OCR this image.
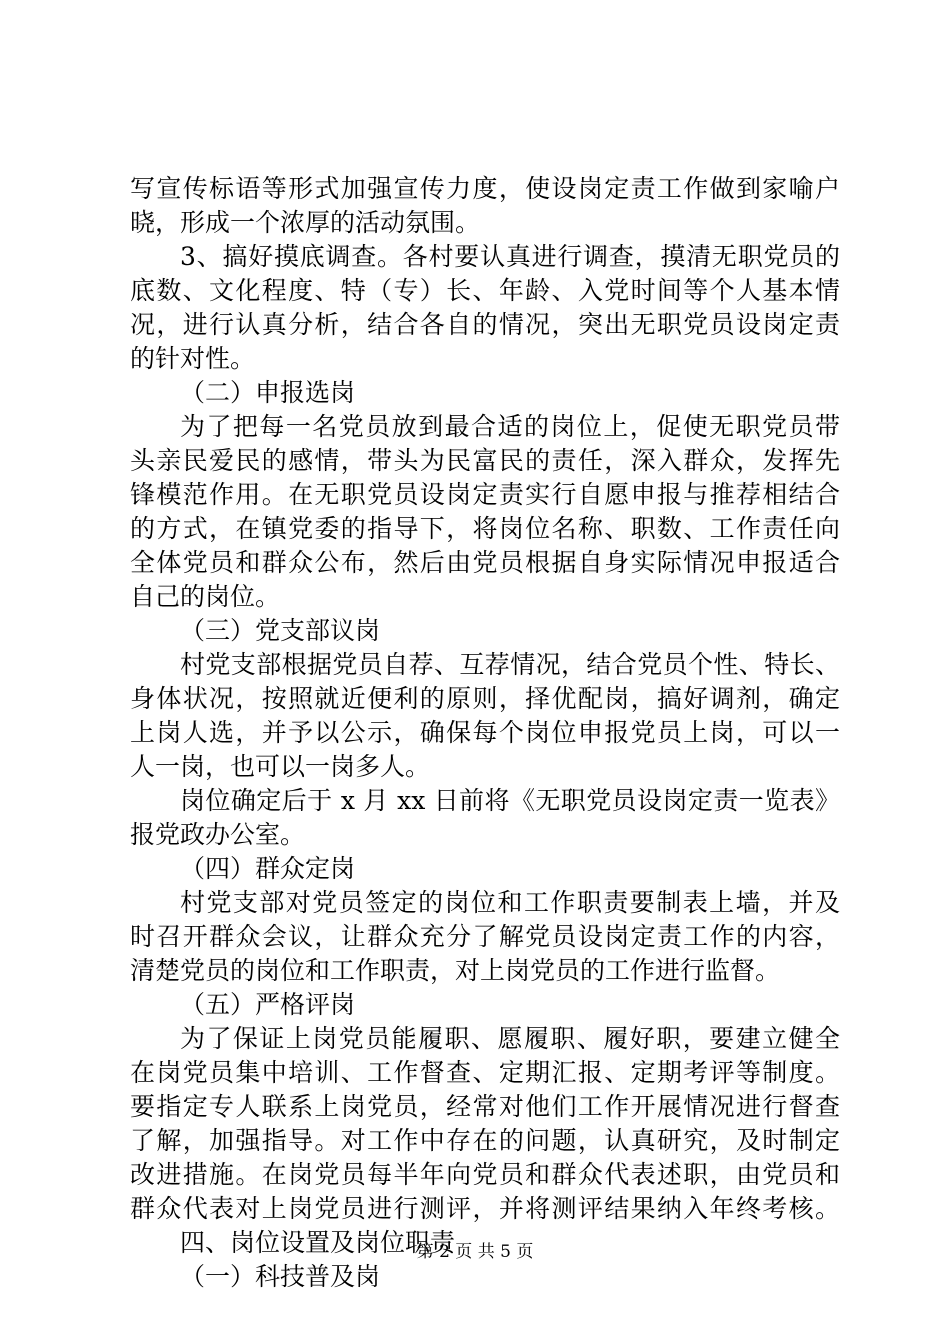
写宣传标语等形式加强宣传力度，使设岗定责工作做到家喻户
晓，形成一个浓厚的活动氛围。
3、搞好摸底调查。各村要认真进行调查，摸清无职党员的
底数、文化程度、特（专）长、年龄、入党时间等个人基本情
况，进行认真分析，结合各自的情况，突出无职党员设岗定责
的针对性。
（二）申报选岗
为了把每一名党员放到最合适的岗位上，促使无职党员带
头亲民爱民的感情，带头为民富民的责任，深入群众，发挥先
锋模范作用。在无职党员设岗定责实行自愿申报与推荐相结合
的方式，在镇党委的指导下，将岗位名称、职数、工作责任向
全体党员和群众公布，然后由党员根据自身实际情况申报适合
自己的岗位。
（三）党支部议岗
村党支部根据党员自荐、互荐情况，结合党员个性、特长、
身体状况，按照就近便利的原则，择优配岗，搞好调剂，确定
上岗人选，并予以公示，确保每个岗位申报党员上岗，可以一
人一岗，也可以一岗多人。
岗位确定后于 x 月 xx 日前将《无职党员设岗定责一览表》
报党政办公室。
（四）群众定岗
村党支部对党员签定的岗位和工作职责要制表上墙，并及
时召开群众会议，让群众充分了解党员设岗定责工作的内容，
清楚党员的岗位和工作职责，对上岗党员的工作进行监督。
（五）严格评岗
为了保证上岗党员能履职、愿履职、履好职，要建立健全
在岗党员集中培训、工作督查、定期汇报、定期考评等制度。
要指定专人联系上岗党员，经常对他们工作开展情况进行督查
了解，加强指导。对工作中存在的问题，认真研究，及时制定
改进措施。在岗党员每半年向党员和群众代表述职，由党员和
群众代表对上岗党员进行测评，并将测评结果纳入年终考核。
四、岗位设置及岗位职责
（一）科技普及岗
第 2 页 共 5 页
